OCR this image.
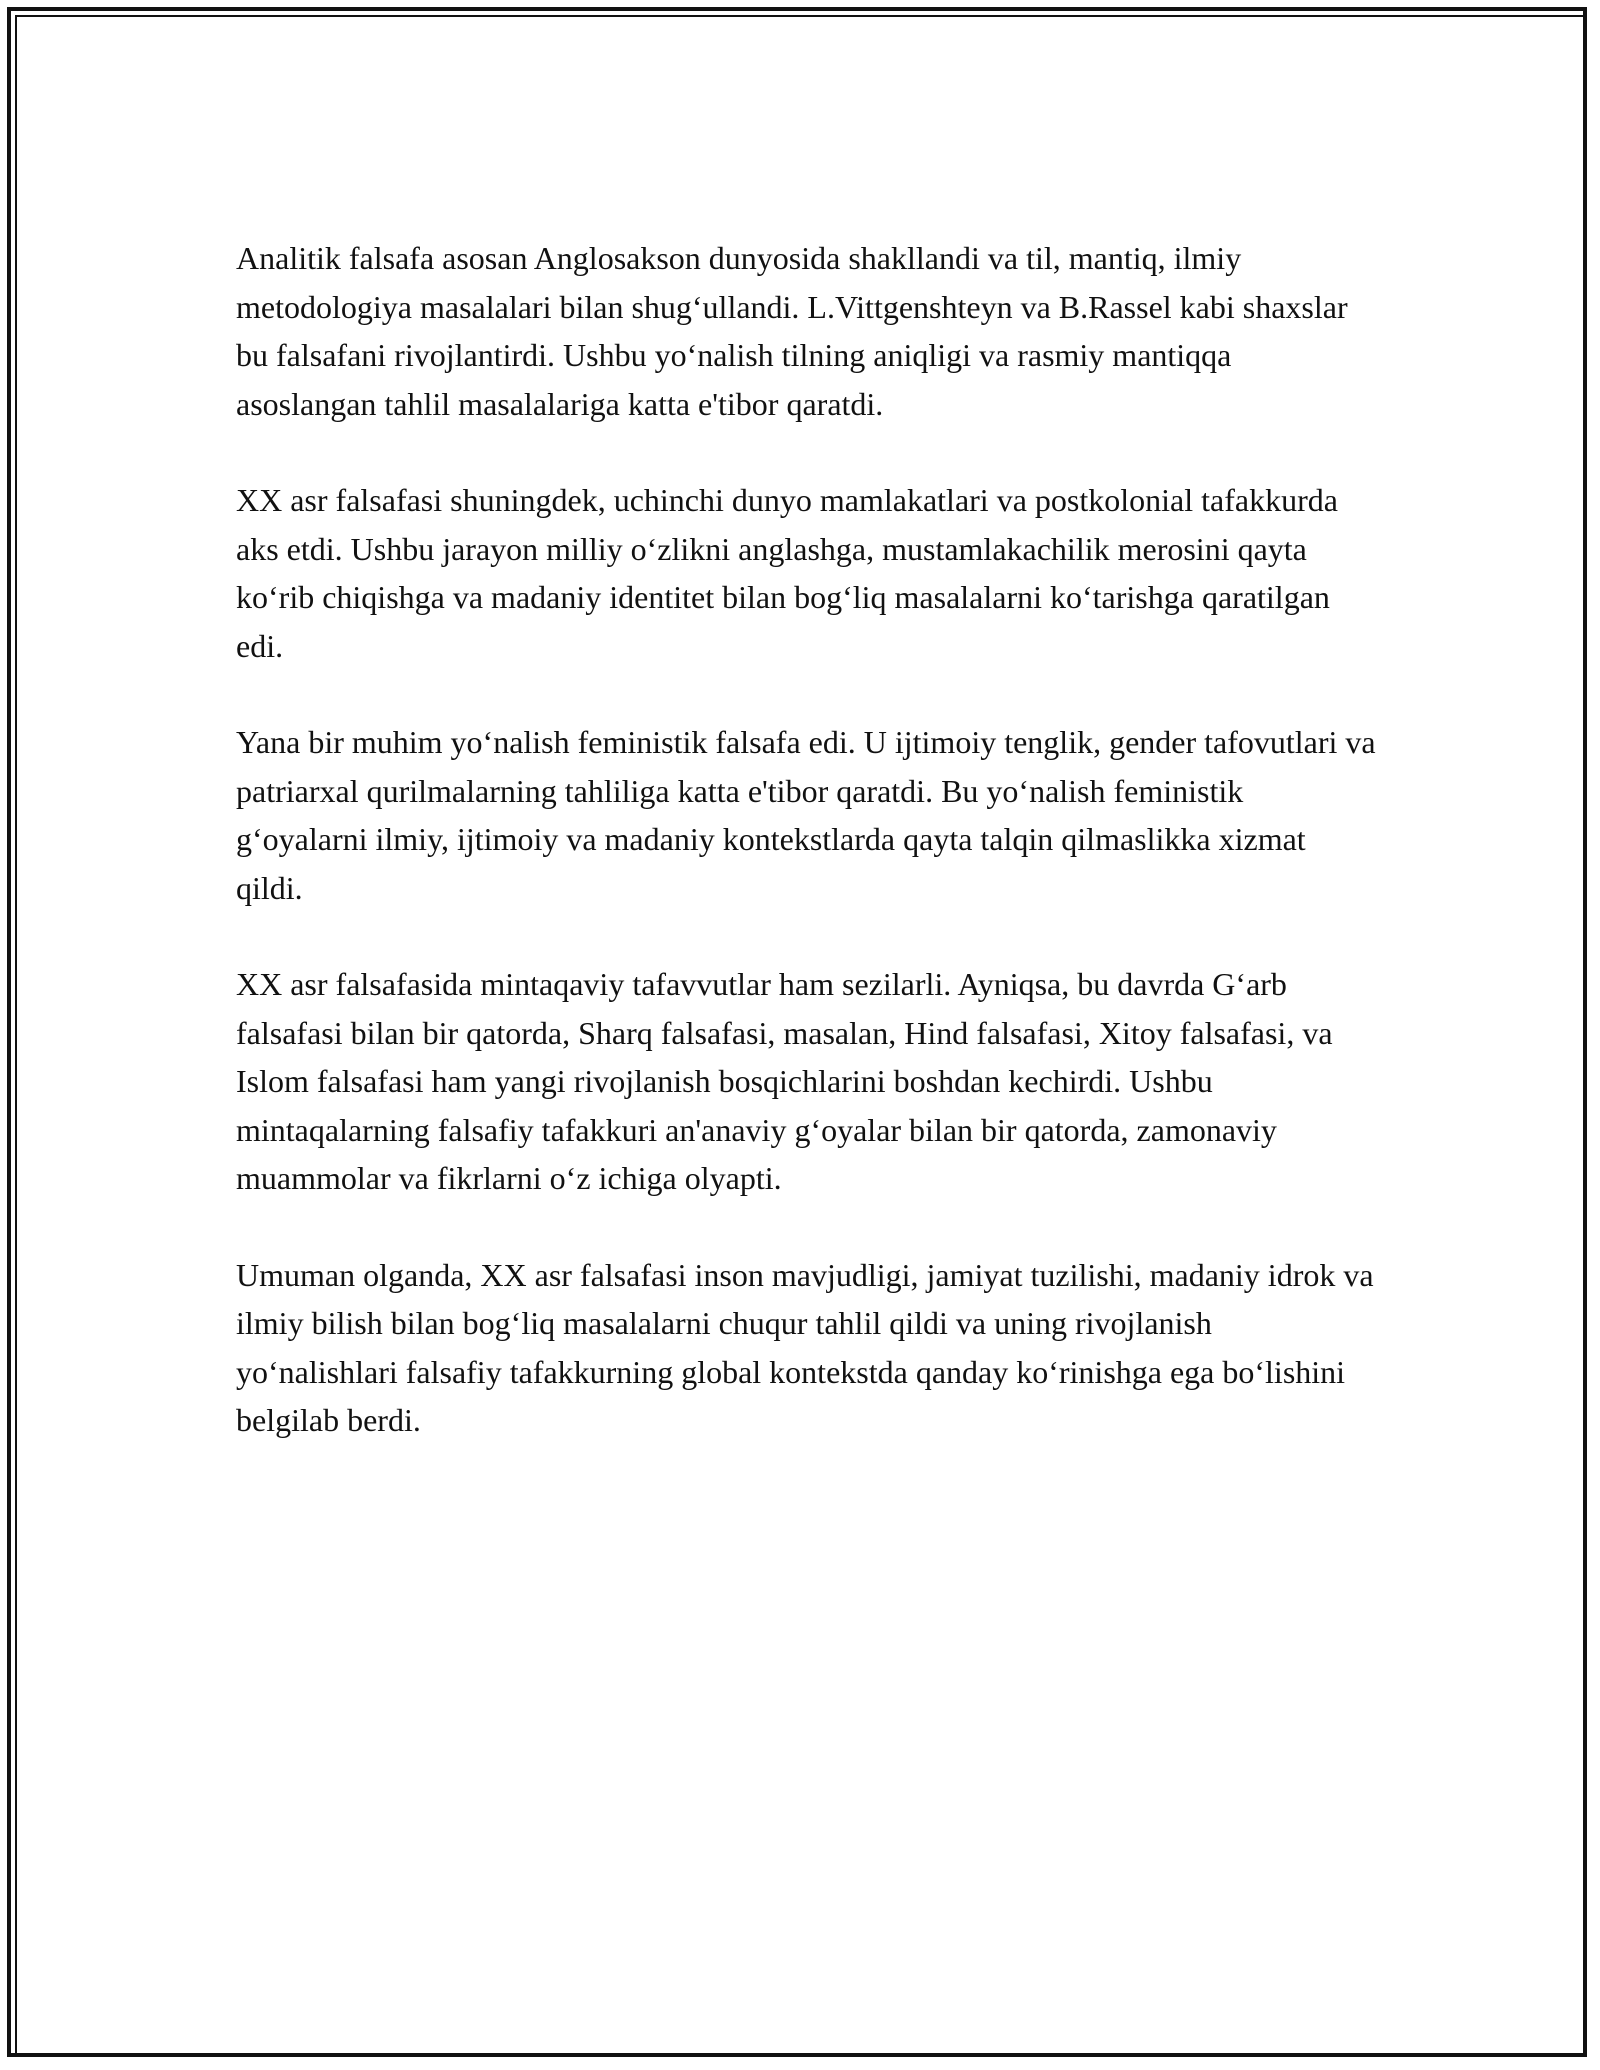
Analitik falsafa asosan Anglosakson dunyosida shakllandi va til, mantiq, ilmiy metodologiya masalalari bilan shug‘ullandi. L.Vittgenshteyn va B.Rassel kabi shaxslar bu falsafani rivojlantirdi. Ushbu yo‘nalish tilning aniqligi va rasmiy mantiqqa asoslangan tahlil masalalariga katta e'tibor qaratdi.

XX asr falsafasi shuningdek, uchinchi dunyo mamlakatlari va postkolonial tafakkurda aks etdi. Ushbu jarayon milliy o‘zlikni anglashga, mustamlakachilik merosini qayta ko‘rib chiqishga va madaniy identitet bilan bog‘liq masalalarni ko‘tarishga qaratilgan edi.

Yana bir muhim yo‘nalish feministik falsafa edi. U ijtimoiy tenglik, gender tafovutlari va patriarxal qurilmalarning tahliliga katta e'tibor qaratdi. Bu yo‘nalish feministik g‘oyalarni ilmiy, ijtimoiy va madaniy kontekstlarda qayta talqin qilmaslikka xizmat qildi.

XX asr falsafasida mintaqaviy tafavvutlar ham sezilarli. Ayniqsa, bu davrda G‘arb falsafasi bilan bir qatorda, Sharq falsafasi, masalan, Hind falsafasi, Xitoy falsafasi, va Islom falsafasi ham yangi rivojlanish bosqichlarini boshdan kechirdi. Ushbu mintaqalarning falsafiy tafakkuri an'anaviy g‘oyalar bilan bir qatorda, zamonaviy muammolar va fikrlarni o‘z ichiga olyapti.

Umuman olganda, XX asr falsafasi inson mavjudligi, jamiyat tuzilishi, madaniy idrok va ilmiy bilish bilan bog‘liq masalalarni chuqur tahlil qildi va uning rivojlanish yo‘nalishlari falsafiy tafakkurning global kontekstda qanday ko‘rinishga ega bo‘lishini belgilab berdi.
